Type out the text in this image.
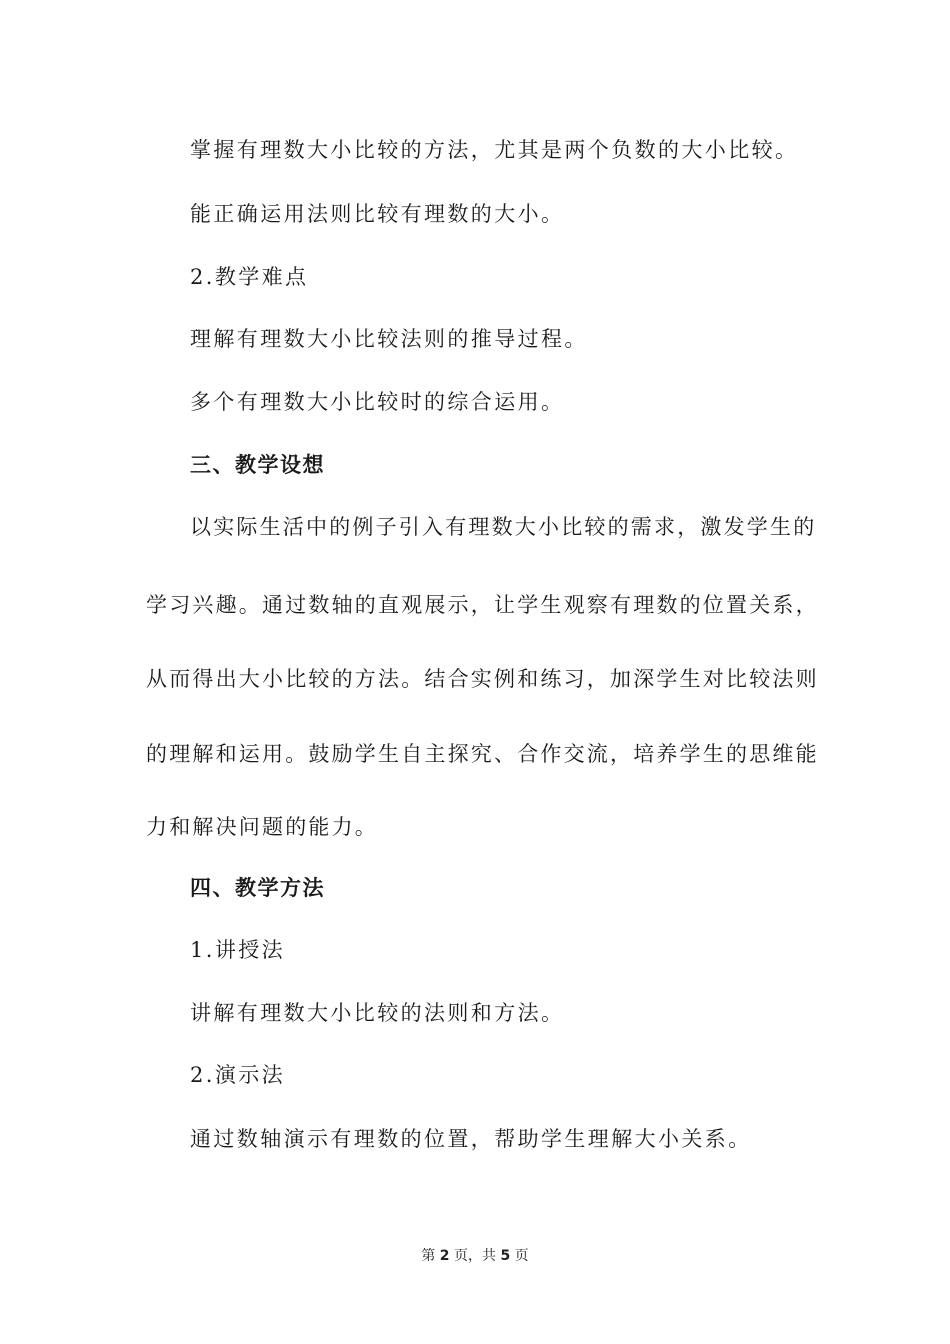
掌握有理数大小比较的方法，尤其是两个负数的大小比较。
能正确运用法则比较有理数的大小。
2.教学难点
理解有理数大小比较法则的推导过程。
多个有理数大小比较时的综合运用。
三、教学设想
以实际生活中的例子引入有理数大小比较的需求，激发学生的
学习兴趣。通过数轴的直观展示，让学生观察有理数的位置关系，
从而得出大小比较的方法。结合实例和练习，加深学生对比较法则
的理解和运用。鼓励学生自主探究、合作交流，培养学生的思维能
力和解决问题的能力。
四、教学方法
1.讲授法
讲解有理数大小比较的法则和方法。
2.演示法
通过数轴演示有理数的位置，帮助学生理解大小关系。
第 2 页，共 5 页
